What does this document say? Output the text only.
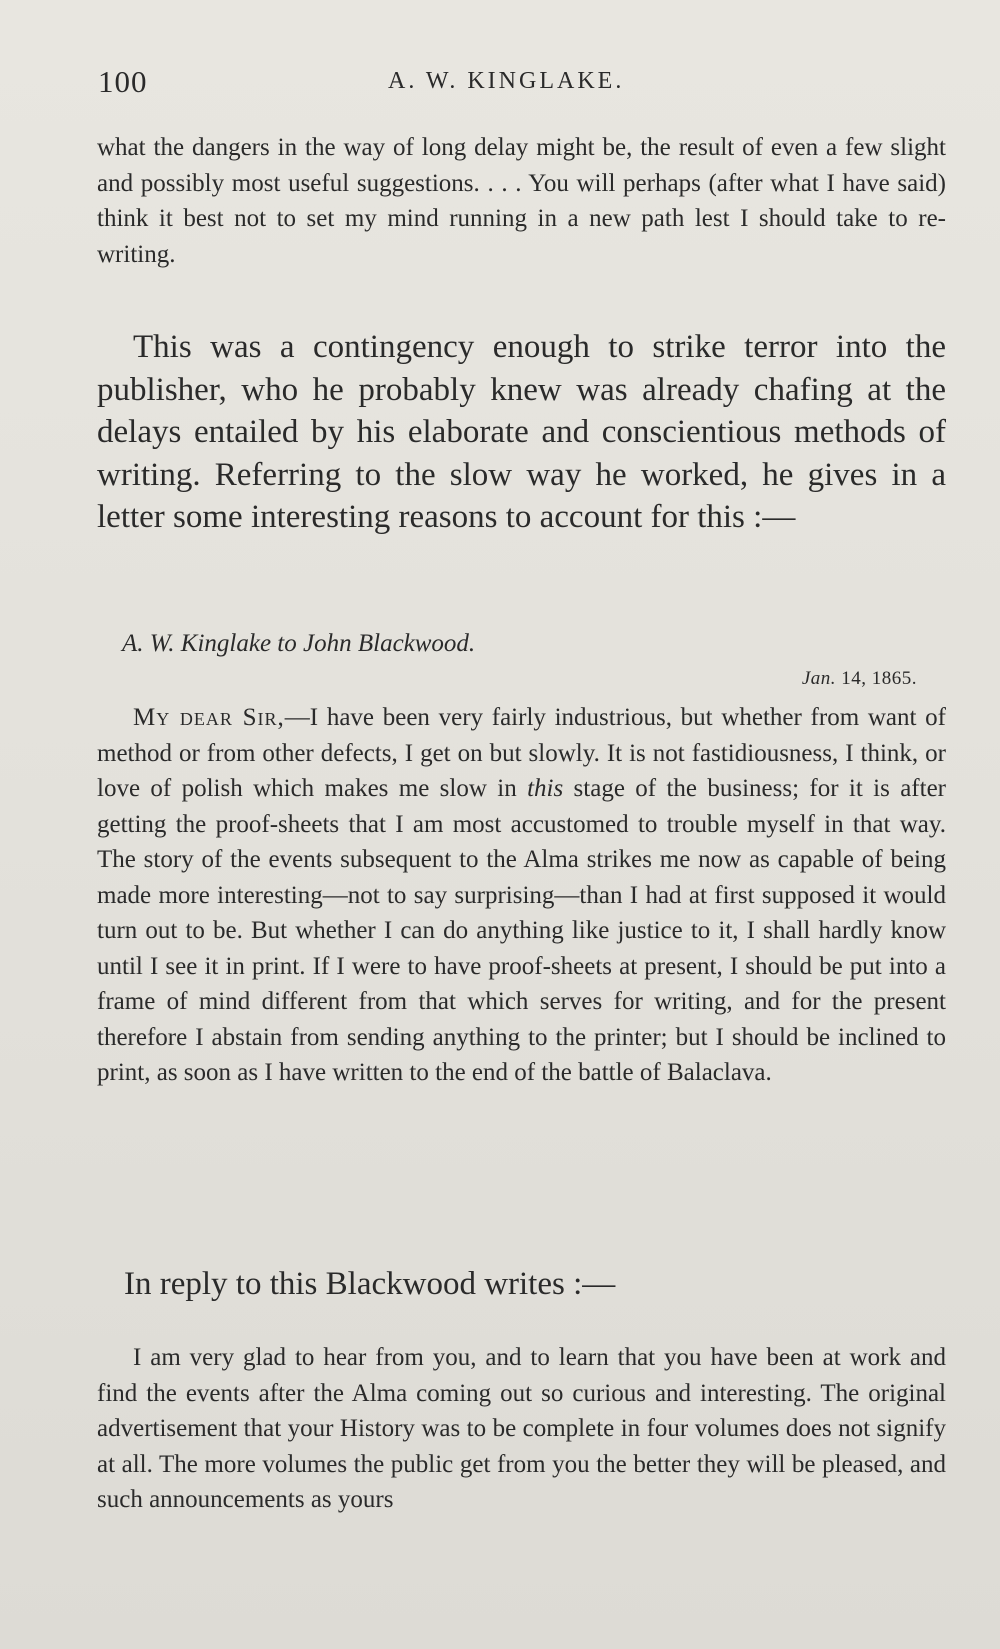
100	A. W. KINGLAKE.

what the dangers in the way of long delay might be, the result of even a few slight and possibly most useful suggestions. . . . You will perhaps (after what I have said) think it best not to set my mind running in a new path lest I should take to re-writing.

This was a contingency enough to strike terror into the publisher, who he probably knew was already chafing at the delays entailed by his elaborate and conscientious methods of writing. Referring to the slow way he worked, he gives in a letter some interesting reasons to account for this :—

A. W. Kinglake to John Blackwood.
Jan. 14, 1865.

My dear Sir,—I have been very fairly industrious, but whether from want of method or from other defects, I get on but slowly. It is not fastidiousness, I think, or love of polish which makes me slow in this stage of the business; for it is after getting the proof-sheets that I am most accustomed to trouble myself in that way. The story of the events subsequent to the Alma strikes me now as capable of being made more interesting—not to say surprising—than I had at first supposed it would turn out to be. But whether I can do anything like justice to it, I shall hardly know until I see it in print. If I were to have proof-sheets at present, I should be put into a frame of mind different from that which serves for writing, and for the present therefore I abstain from sending anything to the printer; but I should be inclined to print, as soon as I have written to the end of the battle of Balaclava.

In reply to this Blackwood writes :—

I am very glad to hear from you, and to learn that you have been at work and find the events after the Alma coming out so curious and interesting. The original advertisement that your History was to be complete in four volumes does not signify at all. The more volumes the public get from you the better they will be pleased, and such announcements as yours
